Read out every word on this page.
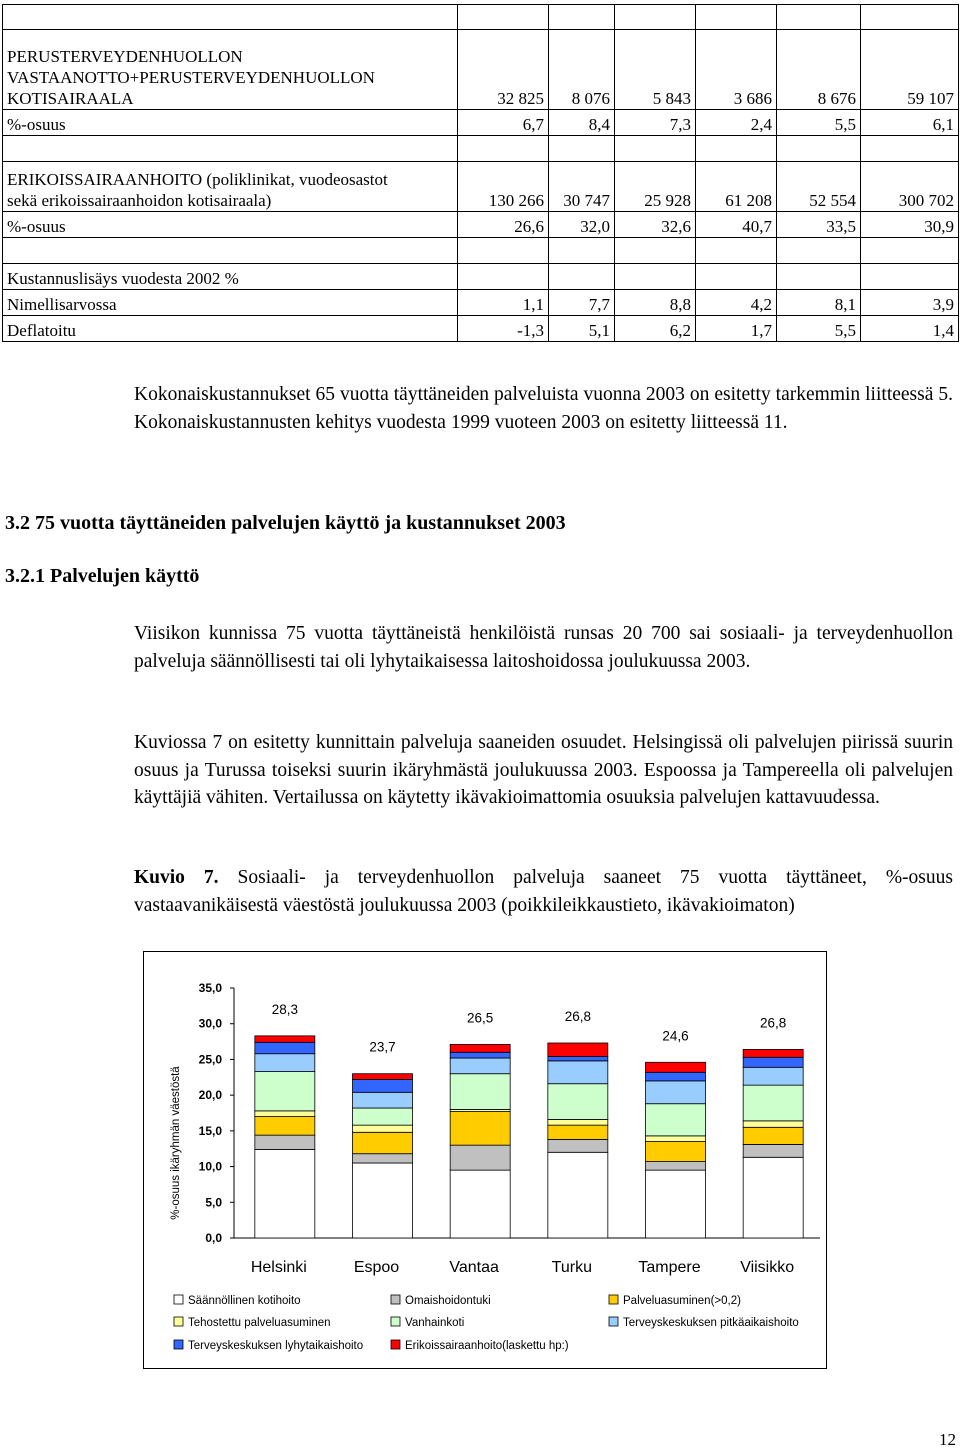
PERUSTERVEYDENHUOLLON
VASTAANOTTO+PERUSTERVEYDENHUOLLON
KOTISAIRAALA	32 825	8 076	5 843	3 686	8 676	59 107
%-osuus	6,7	8,4	7,3	2,4	5,5	6,1

ERIKOISSAIRAANHOITO (poliklinikat, vuodeosastot
sekä erikoissairaanhoidon kotisairaala)	130 266	30 747	25 928	61 208	52 554	300 702
%-osuus	26,6	32,0	32,6	40,7	33,5	30,9

Kustannuslisäys vuodesta 2002 %						
Nimellisarvossa	1,1	7,7	8,8	4,2	8,1	3,9
Deflatoitu	-1,3	5,1	6,2	1,7	5,5	1,4

Kokonaiskustannukset 65 vuotta täyttäneiden palveluista vuonna 2003 on esitetty tarkemmin liitteessä 5. Kokonaiskustannusten kehitys vuodesta 1999 vuoteen 2003 on esitetty liitteessä 11.

3.2 75 vuotta täyttäneiden palvelujen käyttö ja kustannukset 2003
3.2.1 Palvelujen käyttö

Viisikon kunnissa 75 vuotta täyttäneistä henkilöistä runsas 20 700 sai sosiaali- ja terveydenhuollon palveluja säännöllisesti tai oli lyhytaikaisessa laitoshoidossa joulukuussa 2003.

Kuviossa 7 on esitetty kunnittain palveluja saaneiden osuudet. Helsingissä oli palvelujen piirissä suurin osuus ja Turussa toiseksi suurin ikäryhmästä joulukuussa 2003. Espoossa ja Tampereella oli palvelujen käyttäjiä vähiten. Vertailussa on käytetty ikävakioimattomia osuuksia palvelujen kattavuudessa.

Kuvio 7. Sosiaali- ja terveydenhuollon palveluja saaneet 75 vuotta täyttäneet, %-osuus vastaavanikäisestä väestöstä joulukuussa 2003 (poikkileikkaustieto, ikävakioimaton)

%-osuus ikäryhmän väestöstä
0,0
5,0
10,0
15,0
20,0
25,0
30,0
35,0
28,3
Helsinki
23,7
Espoo
26,5
Vantaa
26,8
Turku
24,6
Tampere
26,8
Viisikko
Säännöllinen kotihoito	Omaishoidontuki	Palveluasuminen(>0,2)
Tehostettu palveluasuminen	Vanhainkoti	Terveyskeskuksen pitkäaikaishoito
Terveyskeskuksen lyhytaikaishoito	Erikoissairaanhoito(laskettu hp:)
12
